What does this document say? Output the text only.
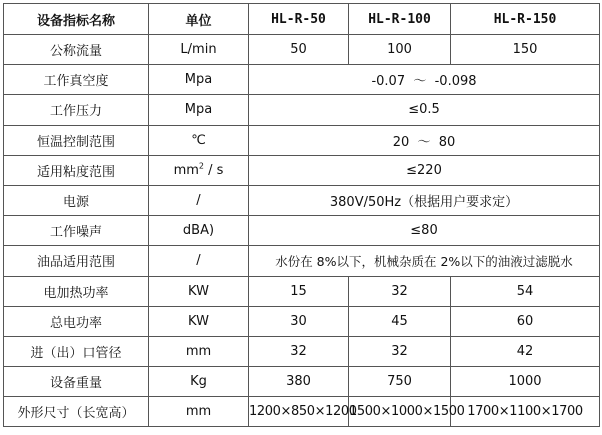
设备指标名称	单位	HL-R-50	HL-R-100	HL-R-150
公称流量	L/min	50	100	150
工作真空度	Mpa	-0.07  ～  -0.098		
工作压力	Mpa	≤0.5		
恒温控制范围	℃	20  ～  80		
适用粘度范围	$mm^2$ / s	≤220		
电源	/	380V/50Hz（根据用户要求定）		
工作噪声	dBA)	≤80		
油品适用范围	/	水份在 8%以下，机械杂质在 2%以下的油液过滤脱水		
电加热功率	KW	15	32	54
总电功率	KW	30	45	60
进（出）口管径	mm	32	32	42
设备重量	Kg	380	750	1000
外形尺寸（长宽高）	mm	1200×850×1200	1500×1000×1500	1700×1100×1700
